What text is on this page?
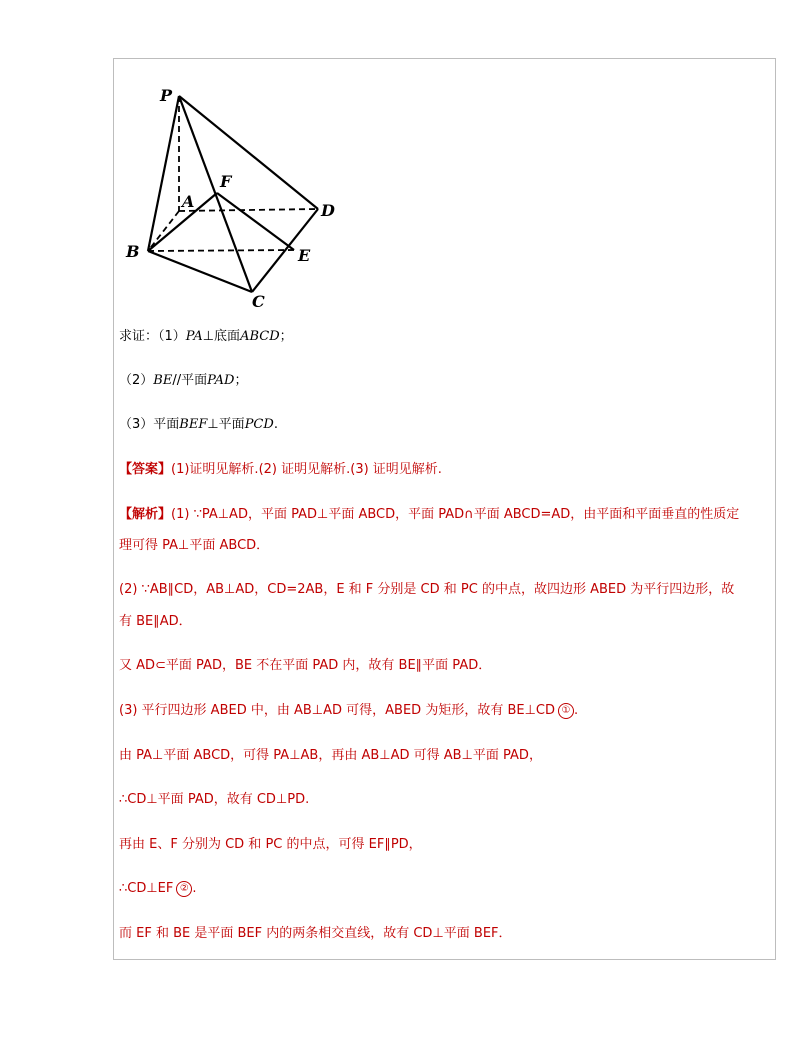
P
A
F
D
B	E
C
求证：（1）PA⊥底面ABCD；
（2）BE//平面PAD；
（3）平面BEF⊥平面PCD.
【答案】(1)证明见解析.(2) 证明见解析.(3) 证明见解析.
【解析】(1) ∵PA⊥AD，平面 PAD⊥平面 ABCD，平面 PAD∩平面 ABCD=AD，由平面和平面垂直的性质定
理可得 PA⊥平面 ABCD．
(2) ∵AB∥CD，AB⊥AD，CD=2AB，E 和 F 分别是 CD 和 PC 的中点，故四边形 ABED 为平行四边形，故
有 BE∥AD．
又 AD⊂平面 PAD，BE 不在平面 PAD 内，故有 BE∥平面 PAD．
(3) 平行四边形 ABED 中，由 AB⊥AD 可得，ABED 为矩形，故有 BE⊥CD ① .
由 PA⊥平面 ABCD，可得 PA⊥AB，再由 AB⊥AD 可得 AB⊥平面 PAD，
∴CD⊥平面 PAD，故有 CD⊥PD.
再由 E、F 分别为 CD 和 PC 的中点，可得 EF∥PD，
∴CD⊥EF ② .
而 EF 和 BE 是平面 BEF 内的两条相交直线，故有 CD⊥平面 BEF．
